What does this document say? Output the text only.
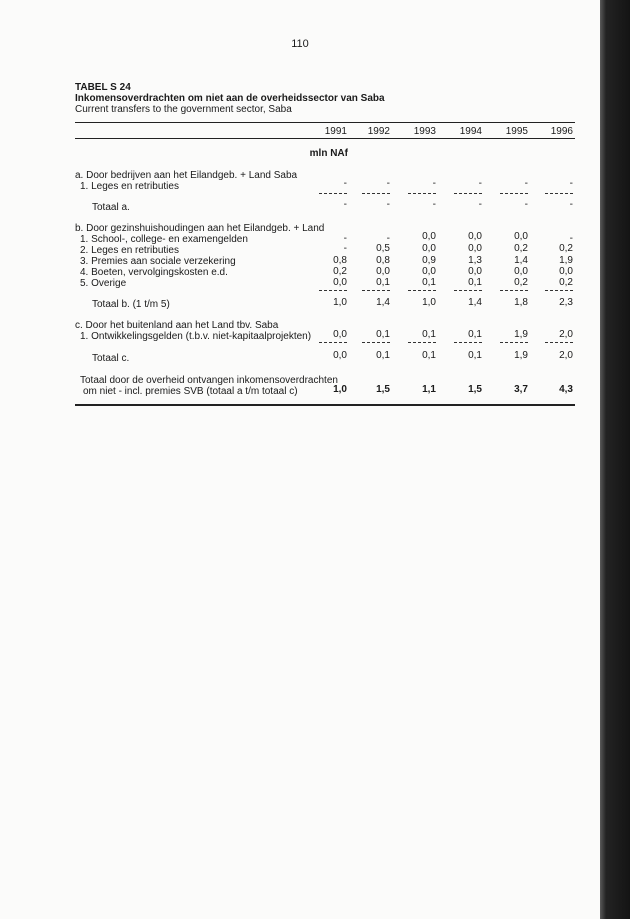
110
TABEL S 24
Inkomensoverdrachten om niet aan de overheidssector van Saba
Current transfers to the government sector, Saba
1991	1992	1993	1994	1995	1996
mln NAf
a. Door bedrijven aan het Eilandgeb. + Land Saba
1. Leges en retributies	-	-	-	-	-	-
Totaal a.	-	-	-	-	-	-
b. Door gezinshuishoudingen aan het Eilandgeb. + Land
1. School-, college- en examengelden	-	-	0,0	0,0	0,0	-
2. Leges en retributies	-	0,5	0,0	0,0	0,2	0,2
3. Premies aan sociale verzekering	0,8	0,8	0,9	1,3	1,4	1,9
4. Boeten, vervolgingskosten e.d.	0,2	0,0	0,0	0,0	0,0	0,0
5. Overige	0,0	0,1	0,1	0,1	0,2	0,2
Totaal b. (1 t/m 5)	1,0	1,4	1,0	1,4	1,8	2,3
c. Door het buitenland aan het Land tbv. Saba
1. Ontwikkelingsgelden (t.b.v. niet-kapitaalprojekten)	0,0	0,1	0,1	0,1	1,9	2,0
Totaal c.	0,0	0,1	0,1	0,1	1,9	2,0
Totaal door de overheid ontvangen inkomensoverdrachten
om niet - incl. premies SVB (totaal a t/m totaal c)	1,0	1,5	1,1	1,5	3,7	4,3
